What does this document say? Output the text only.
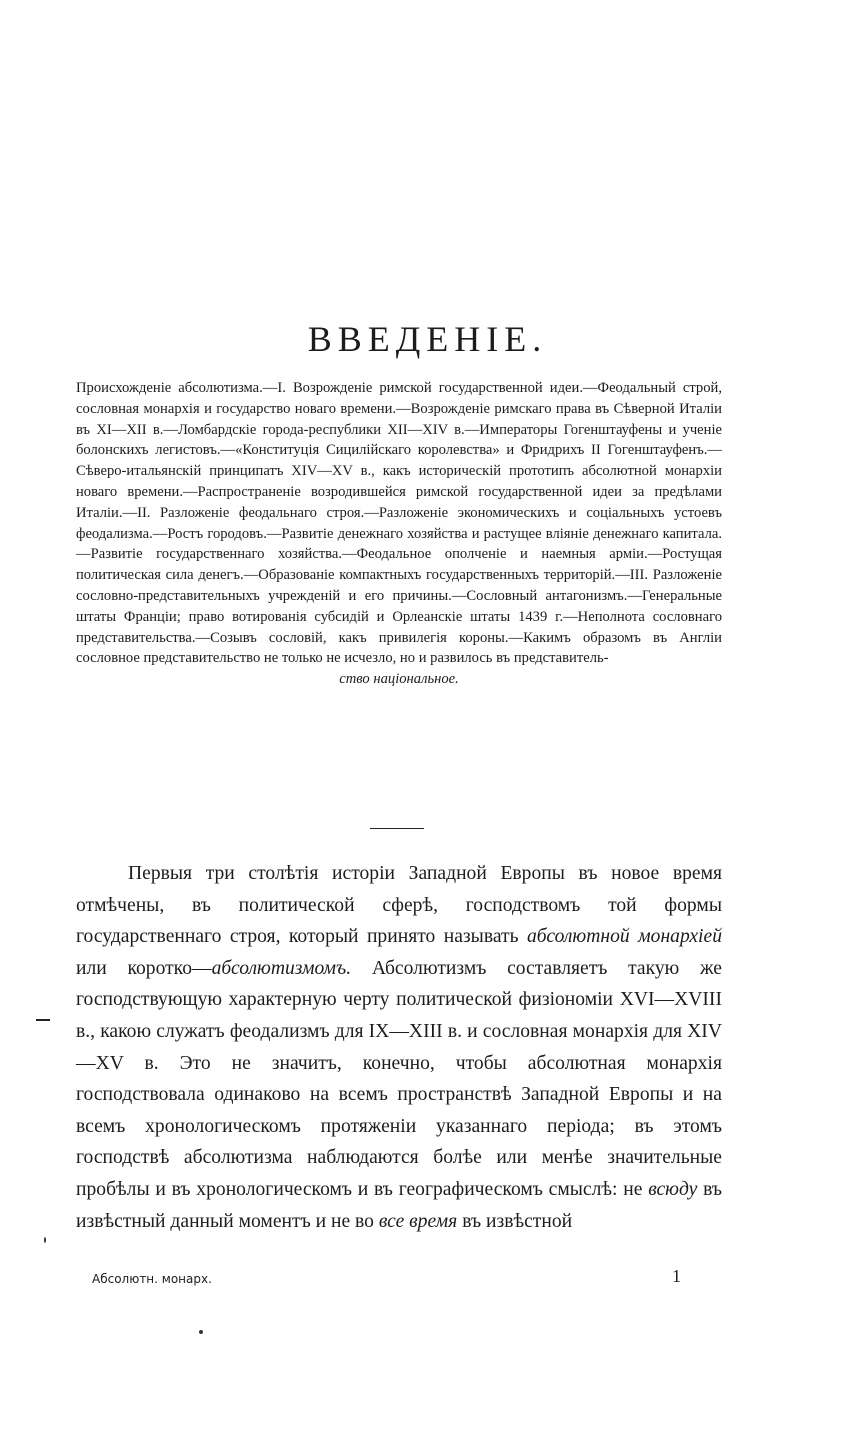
ВВЕДЕНІЕ.

Происхожденіе абсолютизма.—I. Возрожденіе римской государственной идеи.—Феодальный строй, сословная монархія и государство новаго времени.—Возрожденіе римскаго права въ Сѣверной Италіи въ XI—XII в.—Ломбардскіе города-республики XII—XIV в.—Императоры Гогенштауфены и ученіе болонскихъ легистовъ.—«Конституція Сицилійскаго королевства» и Фридрихъ II Гогенштауфенъ.—Сѣверо-итальянскій принципатъ XIV—XV в., какъ историческій прототипъ абсолютной монархіи новаго времени.—Распространеніе возродившейся римской государственной идеи за предѣлами Италіи.—II. Разложеніе феодальнаго строя.—Разложеніе экономическихъ и соціальныхъ устоевъ феодализма.—Ростъ городовъ.—Развитіе денежнаго хозяйства и растущее вліяніе денежнаго капитала.—Развитіе государственнаго хозяйства.—Феодальное ополченіе и наемныя арміи.—Ростущая политическая сила денегъ.—Образованіе компактныхъ государственныхъ территорій.—III. Разложеніе сословно-представительныхъ учрежденій и его причины.—Сословный антагонизмъ.—Генеральные штаты Франціи; право вотированія субсидій и Орлеанскіе штаты 1439 г.—Неполнота сословнаго представительства.—Созывъ сословій, какъ привилегія короны.—Какимъ образомъ въ Англіи сословное представительство не только не исчезло, но и развилось въ представитель-
ство національное.

Первыя три столѣтія исторіи Западной Европы въ новое время отмѣчены, въ политической сферѣ, господствомъ той формы государственнаго строя, который принято называть абсолютной монархіей или коротко—абсолютизмомъ. Абсолютизмъ составляетъ такую же господствующую характерную черту политической физіономіи XVI—XVIII в., какою служатъ феодализмъ для IX—XIII в. и сословная монархія для XIV—XV в. Это не значитъ, конечно, чтобы абсолютная монархія господствовала одинаково на всемъ пространствѣ Западной Европы и на всемъ хронологическомъ протяженіи указаннаго періода; въ этомъ господствѣ абсолютизма наблюдаются болѣе или менѣе значительные пробѣлы и въ хронологическомъ и въ географическомъ смыслѣ: не всюду въ извѣстный данный моментъ и не во все время въ извѣстной

Абсолютн. монарх.	1
